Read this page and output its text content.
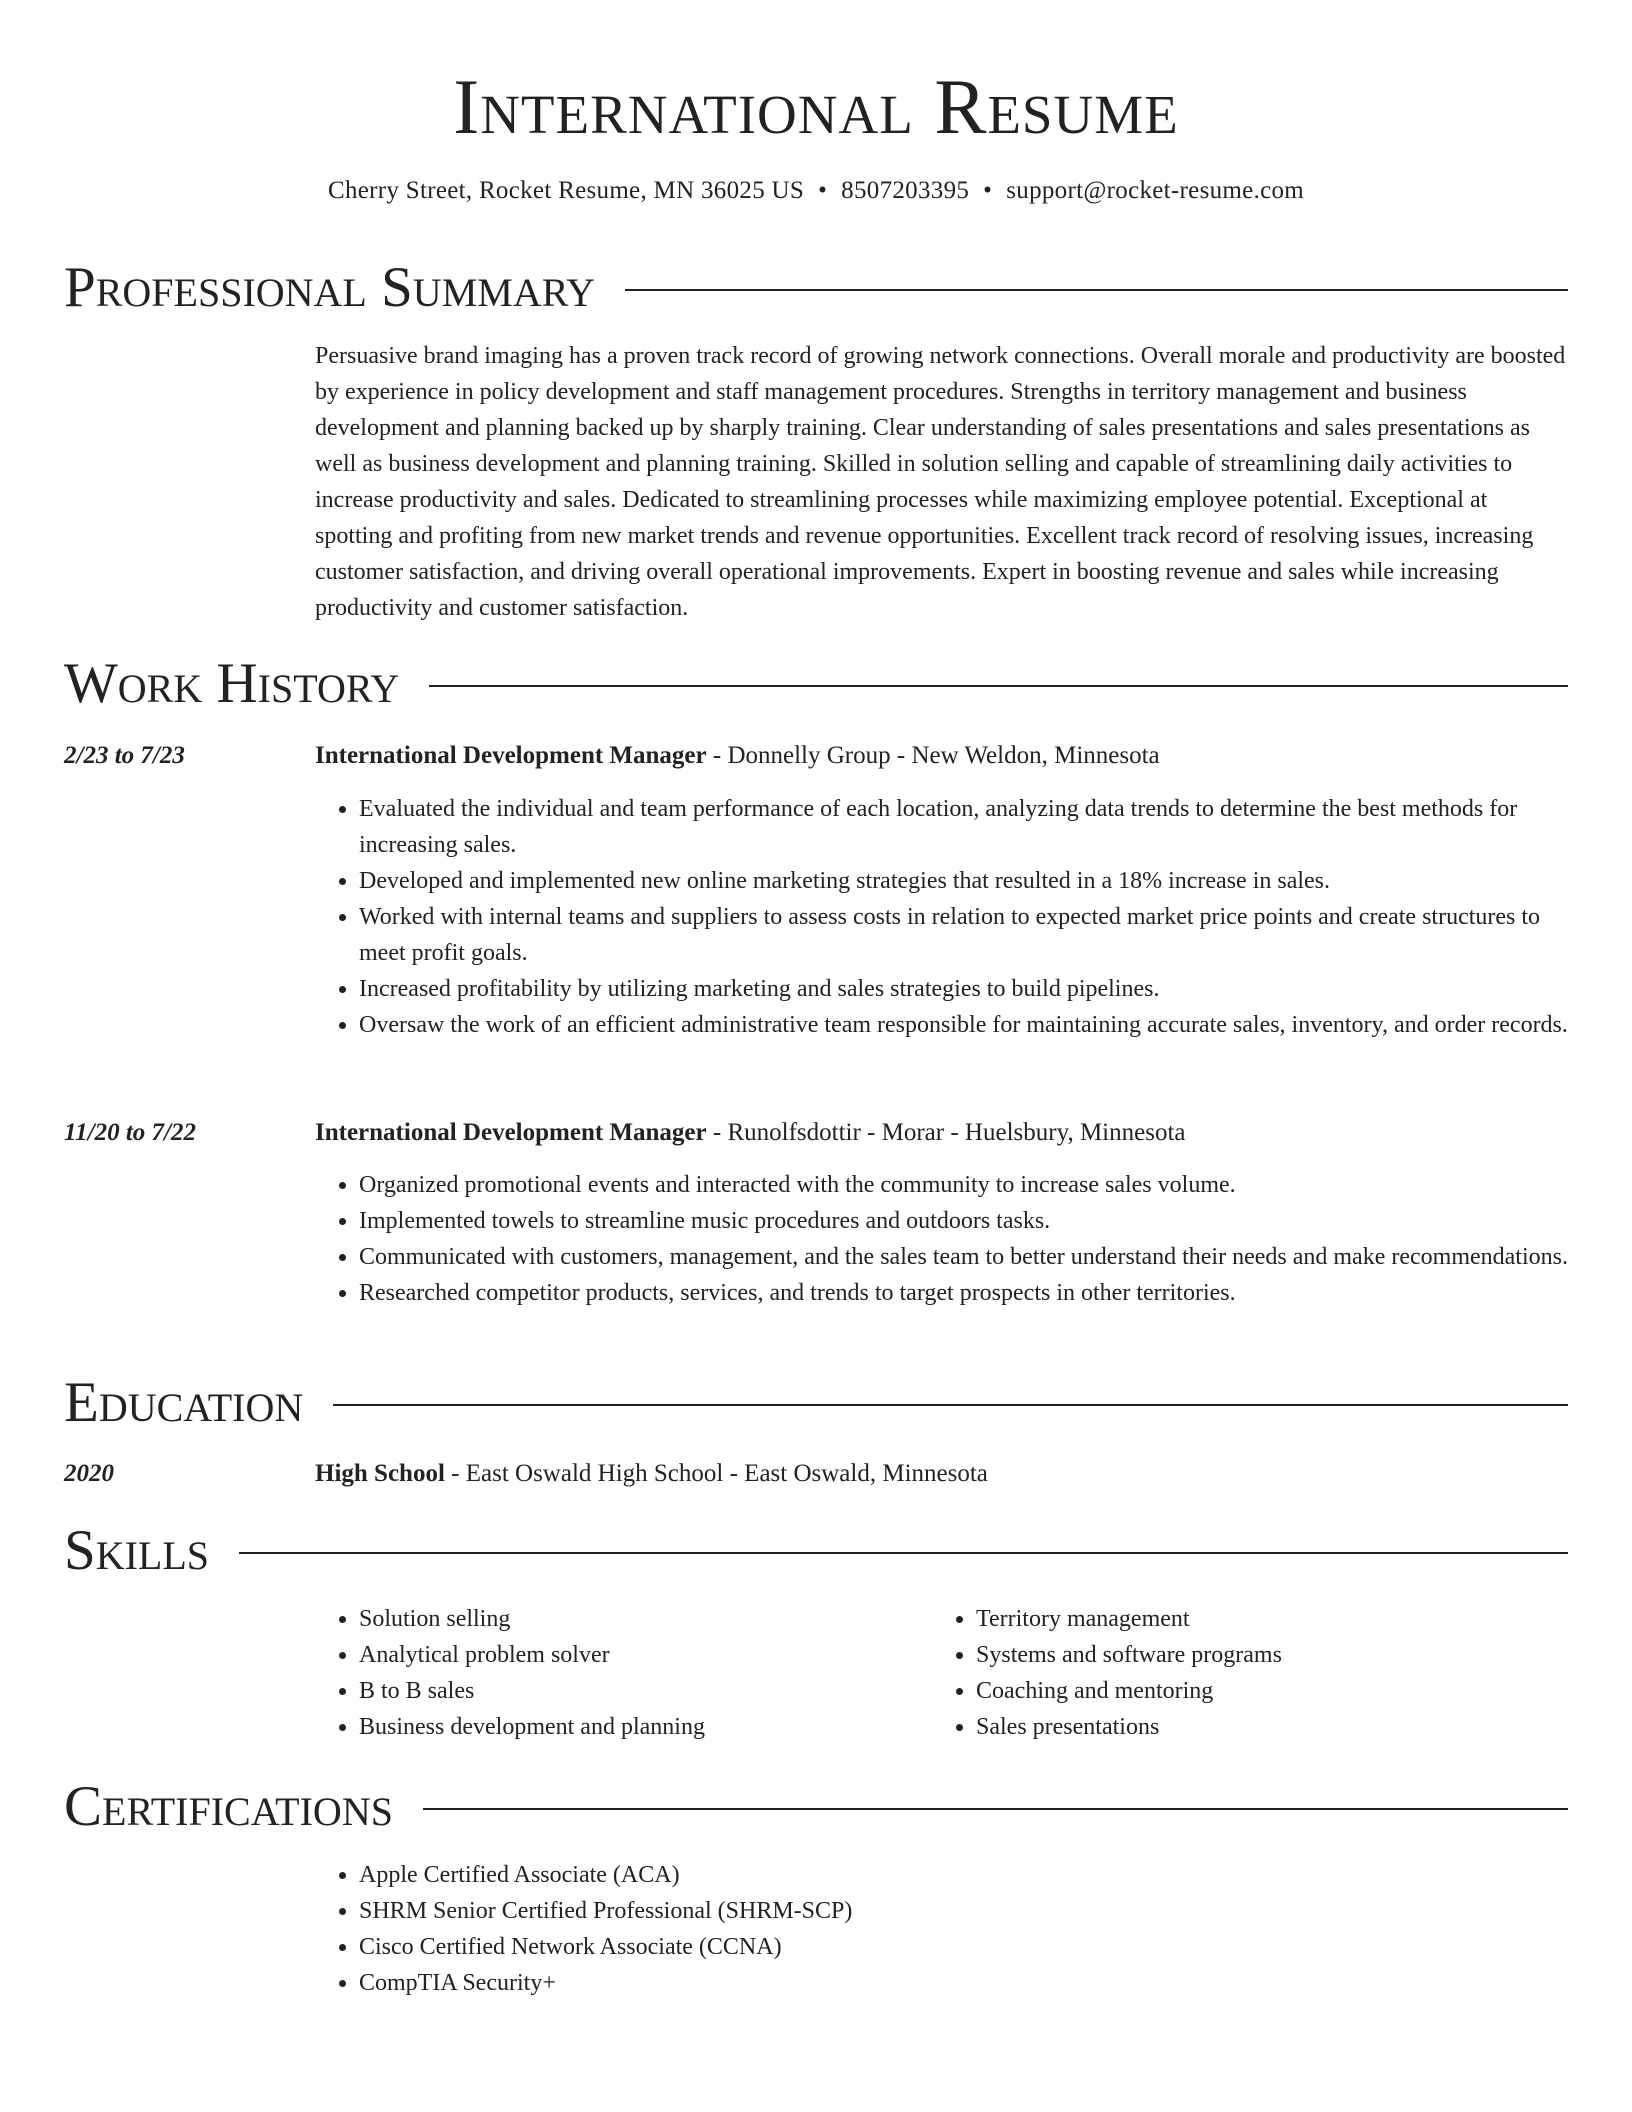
International Resume
Cherry Street, Rocket Resume, MN 36025 US • 8507203395 • support@rocket-resume.com
Professional Summary

Persuasive brand imaging has a proven track record of growing network connections. Overall morale and productivity are boosted by experience in policy development and staff management procedures. Strengths in territory management and business development and planning backed up by sharply training. Clear understanding of sales presentations and sales presentations as well as business development and planning training. Skilled in solution selling and capable of streamlining daily activities to increase productivity and sales. Dedicated to streamlining processes while maximizing employee potential. Exceptional at spotting and profiting from new market trends and revenue opportunities. Excellent track record of resolving issues, increasing customer satisfaction, and driving overall operational improvements. Expert in boosting revenue and sales while increasing productivity and customer satisfaction.

Work History
2/23 to 7/23	International Development Manager - Donnelly Group - New Weldon, Minnesota
• Evaluated the individual and team performance of each location, analyzing data trends to determine the best methods for increasing sales.
• Developed and implemented new online marketing strategies that resulted in a 18% increase in sales.
• Worked with internal teams and suppliers to assess costs in relation to expected market price points and create structures to meet profit goals.
• Increased profitability by utilizing marketing and sales strategies to build pipelines.
• Oversaw the work of an efficient administrative team responsible for maintaining accurate sales, inventory, and order records.
11/20 to 7/22	International Development Manager - Runolfsdottir - Morar - Huelsbury, Minnesota
• Organized promotional events and interacted with the community to increase sales volume.
• Implemented towels to streamline music procedures and outdoors tasks.
• Communicated with customers, management, and the sales team to better understand their needs and make recommendations.
• Researched competitor products, services, and trends to target prospects in other territories.
Education
2020	High School - East Oswald High School - East Oswald, Minnesota
Skills
• Solution selling
• Analytical problem solver
• B to B sales
• Business development and planning
• Territory management
• Systems and software programs
• Coaching and mentoring
• Sales presentations
Certifications
• Apple Certified Associate (ACA)
• SHRM Senior Certified Professional (SHRM-SCP)
• Cisco Certified Network Associate (CCNA)
• CompTIA Security+
